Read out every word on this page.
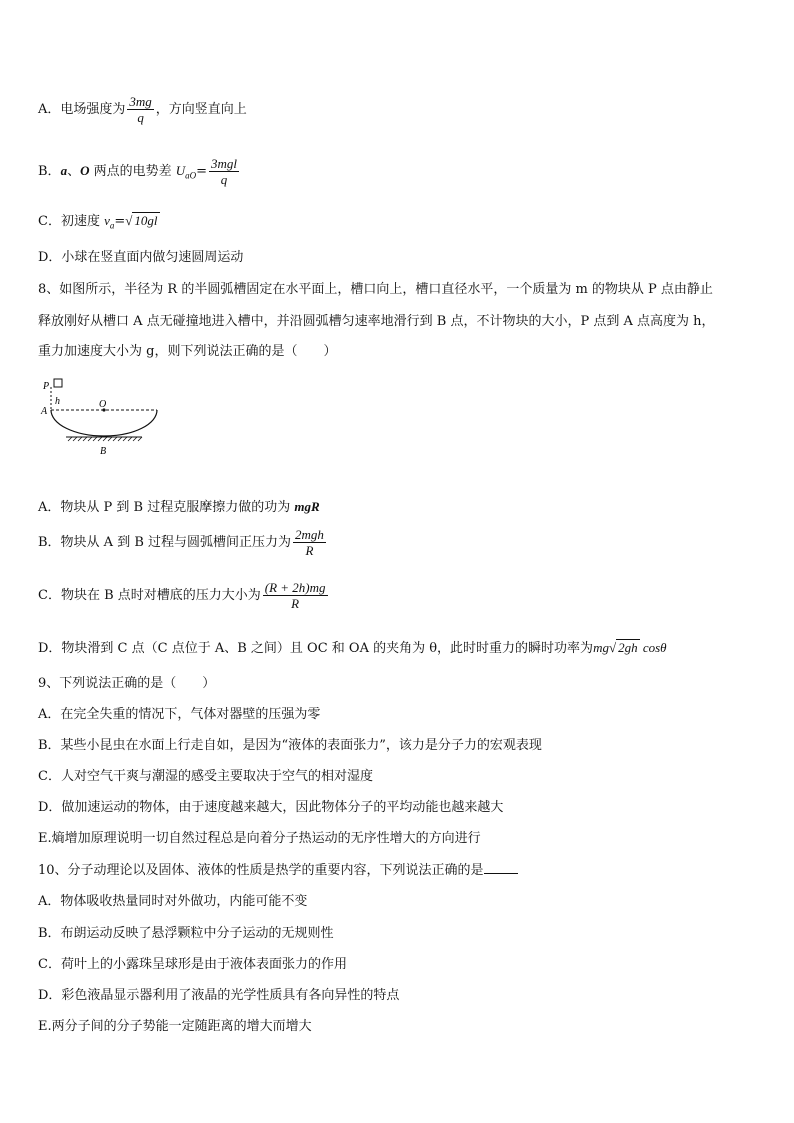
A．电场强度为 $\frac{3mg}{q}$ ，方向竖直向上
B．a、O 两点的电势差 $U_{aO}= \frac{\text{3mgl}}{q}$
C．初速度 $v_a=√$ 10gl
D．小球在竖直面内做匀速圆周运动
8、如图所示，半径为 R 的半圆弧槽固定在水平面上，槽口向上，槽口直径水平，一个质量为 m 的物块从 P 点由静止
释放刚好从槽口 A 点无碰撞地进入槽中，并沿圆弧槽匀速率地滑行到 B 点，不计物块的大小，P 点到 A 点高度为 h，
重力加速度大小为 g，则下列说法正确的是（　　）
P
h
A
O
B
A．物块从 P 到 B 过程克服摩擦力做的功为 mgR
B．物块从 A 到 B 过程与圆弧槽间正压力为 $\frac{\text{2mgh}}{R}$
C．物块在 B 点时对槽底的压力大小为 $\frac{(R + 2h)mg}{R}$
D．物块滑到 C 点（C 点位于 A、B 之间）且 OC 和 OA 的夹角为 θ，此时时重力的瞬时功率为mg√ 2gh cosθ
9、下列说法正确的是（　　）
A．在完全失重的情况下，气体对器壁的压强为零
B．某些小昆虫在水面上行走自如，是因为“液体的表面张力”，该力是分子力的宏观表现
C．人对空气干爽与潮湿的感受主要取决于空气的相对湿度
D．做加速运动的物体，由于速度越来越大，因此物体分子的平均动能也越来越大
E.熵增加原理说明一切自然过程总是向着分子热运动的无序性增大的方向进行
10、分子动理论以及固体、液体的性质是热学的重要内容，下列说法正确的是
A．物体吸收热量同时对外做功，内能可能不变
B．布朗运动反映了悬浮颗粒中分子运动的无规则性
C．荷叶上的小露珠呈球形是由于液体表面张力的作用
D．彩色液晶显示器利用了液晶的光学性质具有各向异性的特点
E.两分子间的分子势能一定随距离的增大而增大
